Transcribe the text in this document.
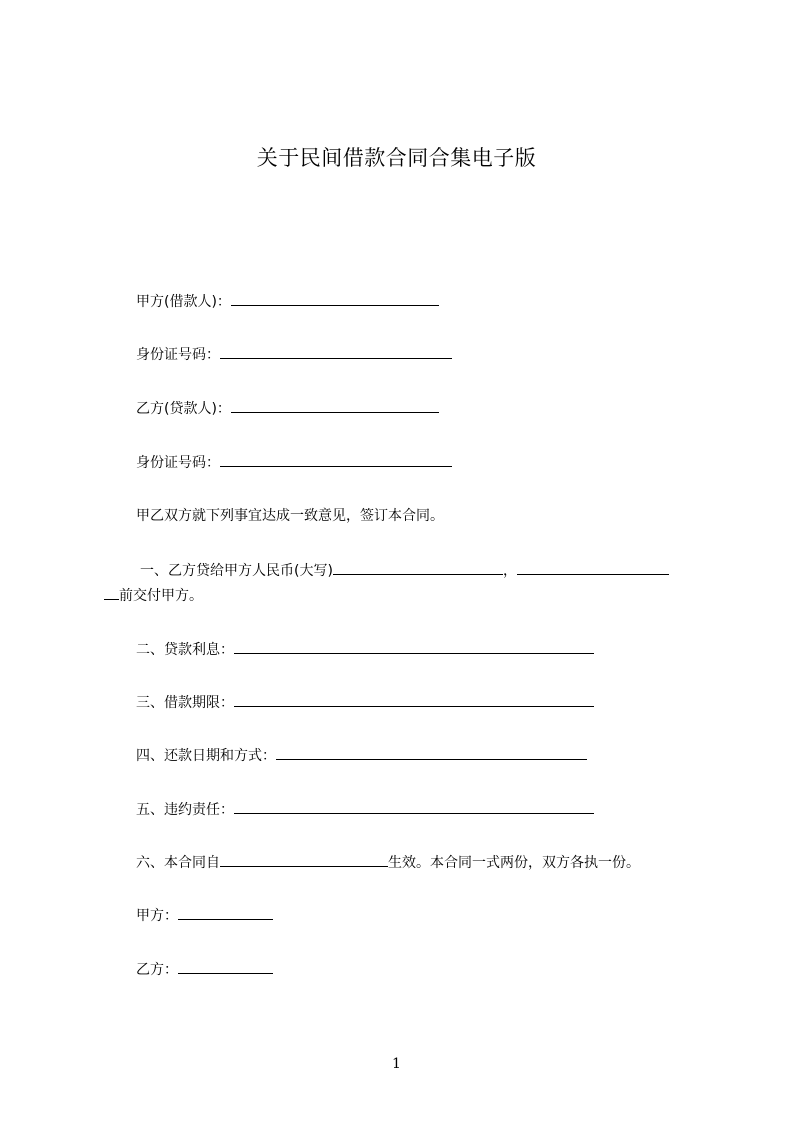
关于民间借款合同合集电子版
甲方(借款人)：
身份证号码：
乙方(贷款人)：
身份证号码：
甲乙双方就下列事宜达成一致意见，签订本合同。
一、乙方贷给甲方人民币(大写)	，
前交付甲方。
二、贷款利息：
三、借款期限：
四、还款日期和方式：
五、违约责任：
六、本合同自	生效。本合同一式两份，双方各执一份。
甲方：
乙方：
1
